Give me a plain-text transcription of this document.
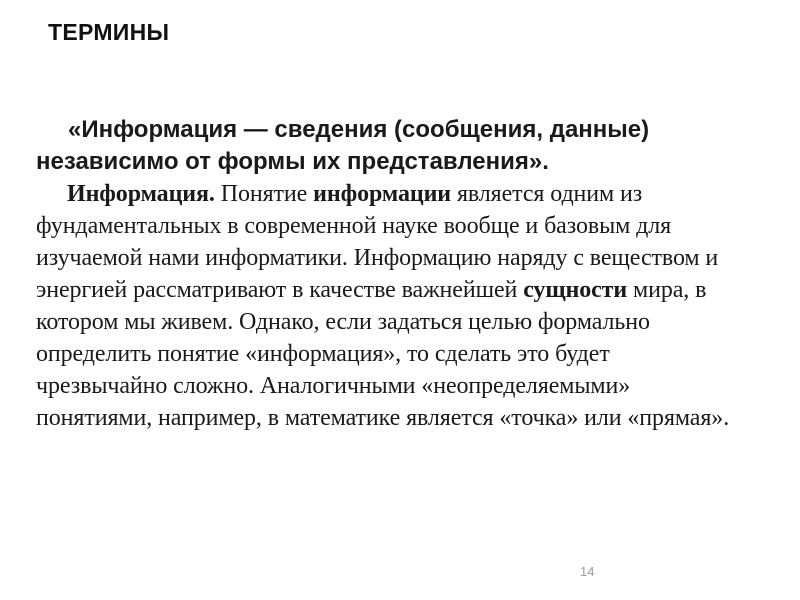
ТЕРМИНЫ

«Информация — сведения (сообщения, данные) независимо от формы их представления».

Информация. Понятие информации является одним из фундаментальных в современной науке вообще и базовым для изучаемой нами информатики. Информацию наряду с веществом и энергией рассматривают в качестве важнейшей сущности мира, в котором мы живем. Однако, если задаться целью формально определить понятие «информация», то сделать это будет чрезвычайно сложно. Аналогичными «неопределяемыми» понятиями, например, в математике является «точка» или «прямая».

14
